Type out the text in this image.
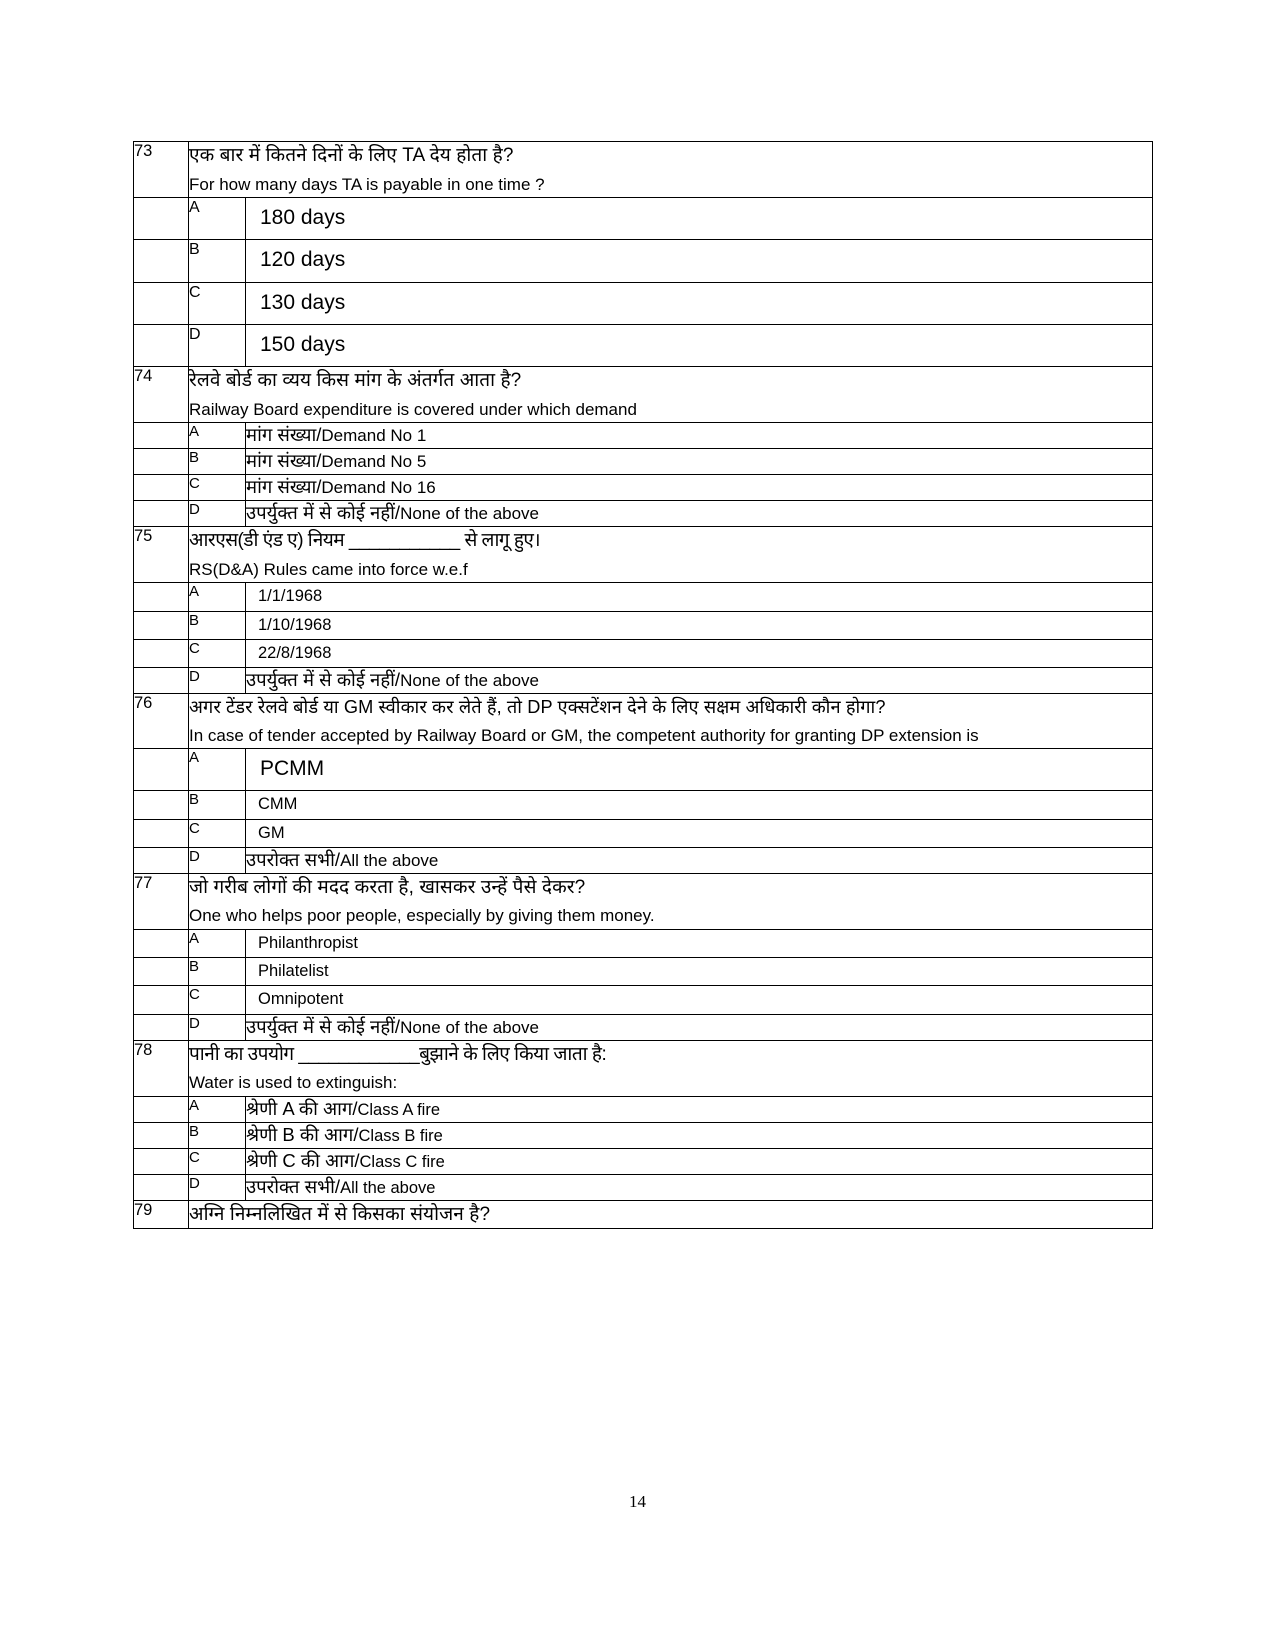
73	एक बार में कितने दिनों के लिए TA देय होता है?
For how many days TA is payable in one time ?	

	A	180 days
	B	120 days
	C	130 days
	D	150 days
74	रेलवे बोर्ड का व्यय किस मांग के अंतर्गत आता है?
Railway Board expenditure is covered under which demand	

	A	मांग संख्या/Demand No 1
	B	मांग संख्या/Demand No 5
	C	मांग संख्या/Demand No 16
	D	उपर्युक्त में से कोई नहीं/None of the above
75	आरएस(डी एंड ए) नियम ___________ से लागू हुए।
RS(D&A) Rules came into force w.e.f	

	A	1/1/1968
	B	1/10/1968
	C	22/8/1968
	D	उपर्युक्त में से कोई नहीं/None of the above
76	अगर टेंडर रेलवे बोर्ड या GM स्वीकार कर लेते हैं, तो DP एक्सटेंशन देने के लिए सक्षम अधिकारी कौन होगा?
In case of tender accepted by Railway Board or GM, the competent authority for granting DP extension is	

	A	PCMM
	B	CMM
	C	GM
	D	उपरोक्त सभी/All the above
77	जो गरीब लोगों की मदद करता है, खासकर उन्हें पैसे देकर?
One who helps poor people, especially by giving them money.	

	A	Philanthropist
	B	Philatelist
	C	Omnipotent
	D	उपर्युक्त में से कोई नहीं/None of the above
78	पानी का उपयोग ____________बुझाने के लिए किया जाता है:
Water is used to extinguish:	

	A	श्रेणी A की आग/Class A fire
	B	श्रेणी B की आग/Class B fire
	C	श्रेणी C की आग/Class C fire
	D	उपरोक्त सभी/All the above
79	अग्नि निम्नलिखित में से किसका संयोजन है?	
14
